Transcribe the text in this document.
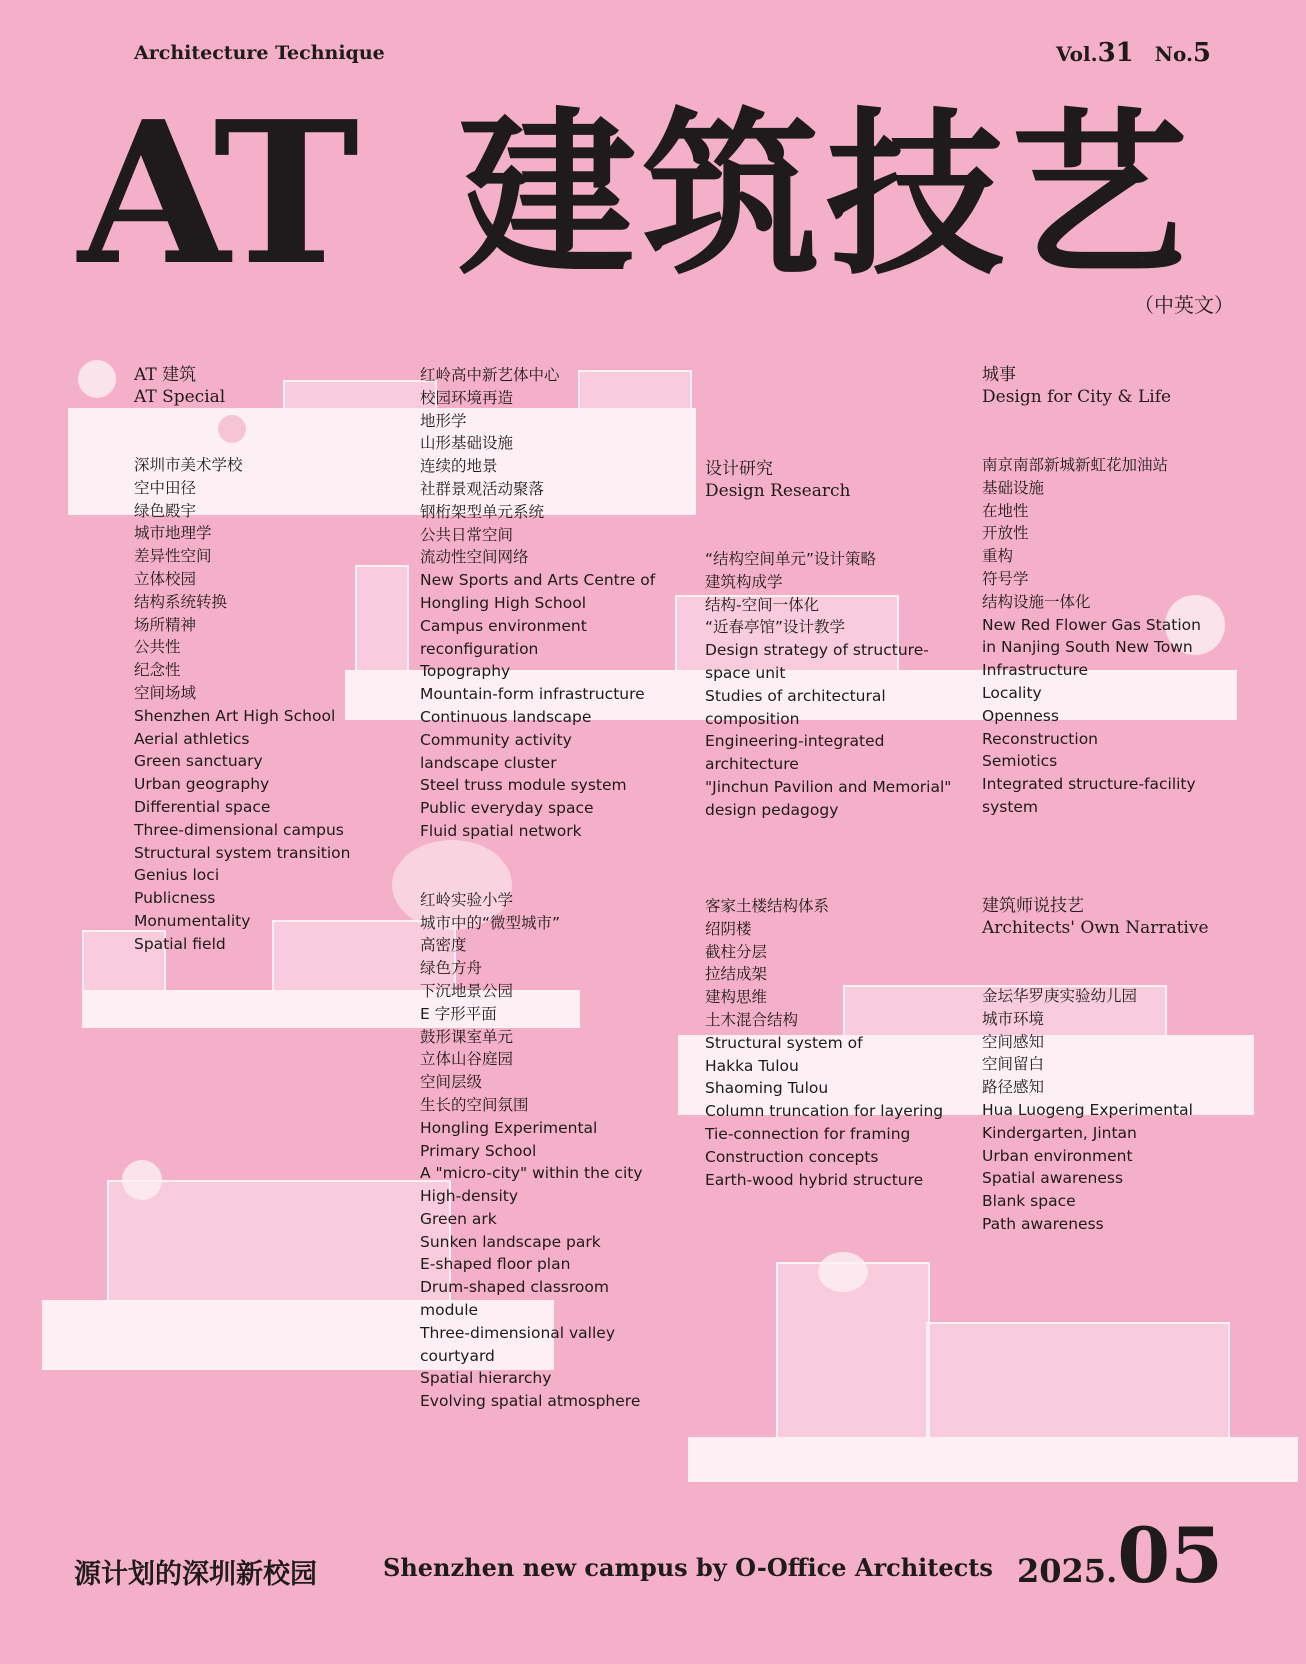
Architecture Technique	Vol.31 No.5
AT 建筑技艺
（中英文）
AT 建筑
AT Special
深圳市美术学校
空中田径
绿色殿宇
城市地理学
差异性空间
立体校园
结构系统转换
场所精神
公共性
纪念性
空间场域
Shenzhen Art High School
Aerial athletics
Green sanctuary
Urban geography
Differential space
Three-dimensional campus
Structural system transition
Genius loci
Publicness
Monumentality
Spatial field
红岭高中新艺体中心
校园环境再造
地形学
山形基础设施
连续的地景
社群景观活动聚落
钢桁架型单元系统
公共日常空间
流动性空间网络
New Sports and Arts Centre of
Hongling High School
Campus environment
reconfiguration
Topography
Mountain-form infrastructure
Continuous landscape
Community activity
landscape cluster
Steel truss module system
Public everyday space
Fluid spatial network
红岭实验小学
城市中的“微型城市”
高密度
绿色方舟
下沉地景公园
E 字形平面
鼓形课室单元
立体山谷庭园
空间层级
生长的空间氛围
Hongling Experimental
Primary School
A "micro-city" within the city
High-density
Green ark
Sunken landscape park
E-shaped floor plan
Drum-shaped classroom
module
Three-dimensional valley
courtyard
Spatial hierarchy
Evolving spatial atmosphere
设计研究
Design Research
“结构空间单元”设计策略
建筑构成学
结构-空间一体化
“近春亭馆”设计教学
Design strategy of structure-
space unit
Studies of architectural
composition
Engineering-integrated
architecture
"Jinchun Pavilion and Memorial"
design pedagogy
客家土楼结构体系
绍阴楼
截柱分层
拉结成架
建构思维
土木混合结构
Structural system of
Hakka Tulou
Shaoming Tulou
Column truncation for layering
Tie-connection for framing
Construction concepts
Earth-wood hybrid structure
城事
Design for City & Life
南京南部新城新虹花加油站
基础设施
在地性
开放性
重构
符号学
结构设施一体化
New Red Flower Gas Station
in Nanjing South New Town
Infrastructure
Locality
Openness
Reconstruction
Semiotics
Integrated structure-facility
system
建筑师说技艺
Architects' Own Narrative
金坛华罗庚实验幼儿园
城市环境
空间感知
空间留白
路径感知
Hua Luogeng Experimental
Kindergarten, Jintan
Urban environment
Spatial awareness
Blank space
Path awareness
源计划的深圳新校园	Shenzhen new campus by O-Office Architects 2025.05
